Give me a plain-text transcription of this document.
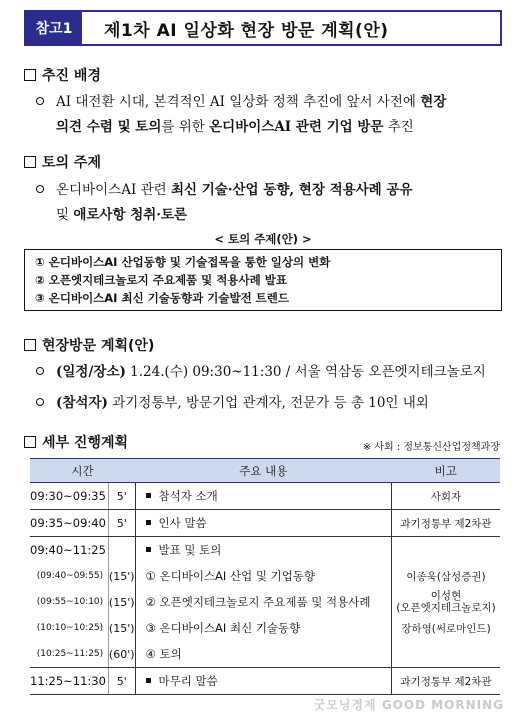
참고1	제1차 AI 일상화 현장 방문 계획(안)
추진 배경
AI 대전환 시대, 본격적인 AI 일상화 정책 추진에 앞서 사전에 현장
의견 수렴 및 토의를 위한 온디바이스AI 관련 기업 방문 추진
토의 주제
온디바이스AI 관련 최신 기술·산업 동향, 현장 적용사례 공유
및 애로사항 청취·토론
< 토의 주제(안) >
① 온디바이스AI 산업동향 및 기술접목을 통한 일상의 변화
② 오픈엣지테크놀로지 주요제품 및 적용사례 발표
③ 온디바이스AI 최신 기술동향과 기술발전 트렌드
현장방문 계획(안)
(일정/장소) 1.24.(수) 09:30~11:30 / 서울 역삼동 오픈엣지테크놀로지
(참석자) 과기정통부, 방문기업 관계자, 전문가 등 총 10인 내외
세부 진행계획	※ 사회 : 정보통신산업정책과장
시간		주요 내용	비고
09:30~09:35	5'	참석자 소개	사회자
09:35~09:40	5'	인사 말씀	과기정통부 제2차관
09:40~11:25		발표 및 토의	
(09:40~09:55)	(15')	① 온디바이스AI 산업 및 기업동향	이종욱(삼성증권)
(09:55~10:10)	(15')	② 오픈엣지테크놀로지 주요제품 및 적용사례	이성현
(오픈엣지테크놀로지)
(10:10~10:25)	(15')	③ 온디바이스AI 최신 기술동향	장하영(써로마인드)
(10:25~11:25)	(60')	④ 토의	
11:25~11:30	5'	마무리 말씀	과기정통부 제2차관
굿모닝경제 GOOD MORNING
